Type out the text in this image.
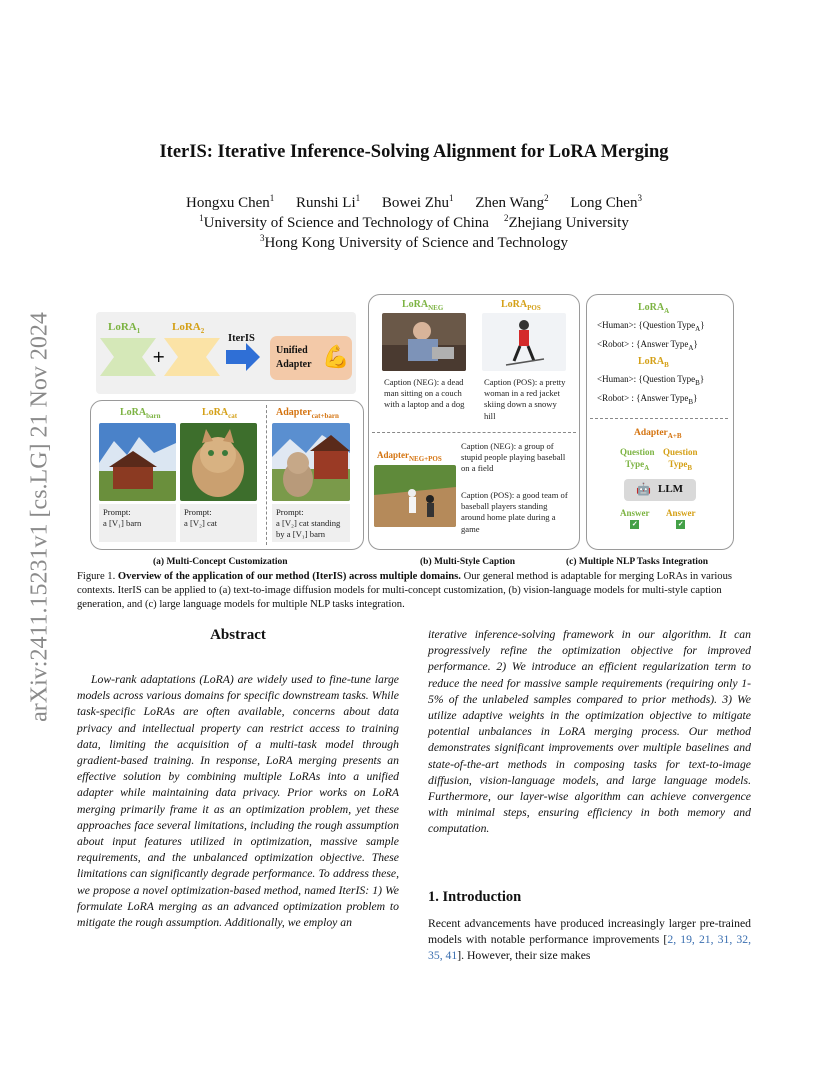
arXiv:2411.15231v1 [cs.LG] 21 Nov 2024
IterIS: Iterative Inference-Solving Alignment for LoRA Merging
Hongxu Chen$^1$ Runshi Li$^1$ Bowei Zhu$^1$ Zhen Wang$^2$ Long Chen$^3$
$^1$University of Science and Technology of China $^2$Zhejiang University
$^3$Hong Kong University of Science and Technology
LoRA$_1$	LoRA$_2$
+
IterIS
Unified Adapter 💪
LoRA$_{barn}$	LoRA$_{cat}$	Adapter$_{cat+barn}$
Prompt:
a [V₁] barn
Prompt:
a [V₂] cat
Prompt:
a [V₂] cat standing by a [V₁] barn
LoRA$_{NEG}$	LoRA$_{POS}$
Caption (NEG): a dead man sitting on a couch with a laptop and a dog
Caption (POS): a pretty woman in a red jacket skiing down a snowy hill
Adapter$_{NEG+POS}$
Caption (NEG): a group of stupid people playing baseball on a field
Caption (POS): a good team of baseball players standing around home plate during a game
LoRA$_A$
<Human>: {Question Type$_A$}
<Robot> : {Answer Type$_A$}
LoRA$_B$
<Human>: {Question Type$_B$}
<Robot> : {Answer Type$_B$}
Adapter$_{A+B}$
Question
Type$_A$
Question
Type$_B$
🤖 LLM
Answer
✓
Answer
✓
(a) Multi-Concept Customization	(b) Multi-Style Caption	(c) Multiple NLP Tasks Integration
Figure 1. Overview of the application of our method (IterIS) across multiple domains. Our general method is adaptable for merging LoRAs in various contexts. IterIS can be applied to (a) text-to-image diffusion models for multi-concept customization, (b) vision-language models for multi-style caption generation, and (c) large language models for multiple NLP tasks integration.
Abstract

Low-rank adaptations (LoRA) are widely used to fine-tune large models across various domains for specific downstream tasks. While task-specific LoRAs are often available, concerns about data privacy and intellectual property can restrict access to training data, limiting the acquisition of a multi-task model through gradient-based training. In response, LoRA merging presents an effective solution by combining multiple LoRAs into a unified adapter while maintaining data privacy. Prior works on LoRA merging primarily frame it as an optimization problem, yet these approaches face several limitations, including the rough assumption about input features utilized in optimization, massive sample requirements, and the unbalanced optimization objective. These limitations can significantly degrade performance. To address these, we propose a novel optimization-based method, named IterIS: 1) We formulate LoRA merging as an advanced optimization problem to mitigate the rough assumption. Additionally, we employ an

iterative inference-solving framework in our algorithm. It can progressively refine the optimization objective for improved performance. 2) We introduce an efficient regularization term to reduce the need for massive sample requirements (requiring only 1-5% of the unlabeled samples compared to prior methods). 3) We utilize adaptive weights in the optimization objective to mitigate potential unbalances in LoRA merging process. Our method demonstrates significant improvements over multiple baselines and state-of-the-art methods in composing tasks for text-to-image diffusion, vision-language models, and large language models. Furthermore, our layer-wise algorithm can achieve convergence with minimal steps, ensuring efficiency in both memory and computation.

1. Introduction
Recent advancements have produced increasingly larger pre-trained models with notable performance improvements [2, 19, 21, 31, 32, 35, 41]. However, their size makes
